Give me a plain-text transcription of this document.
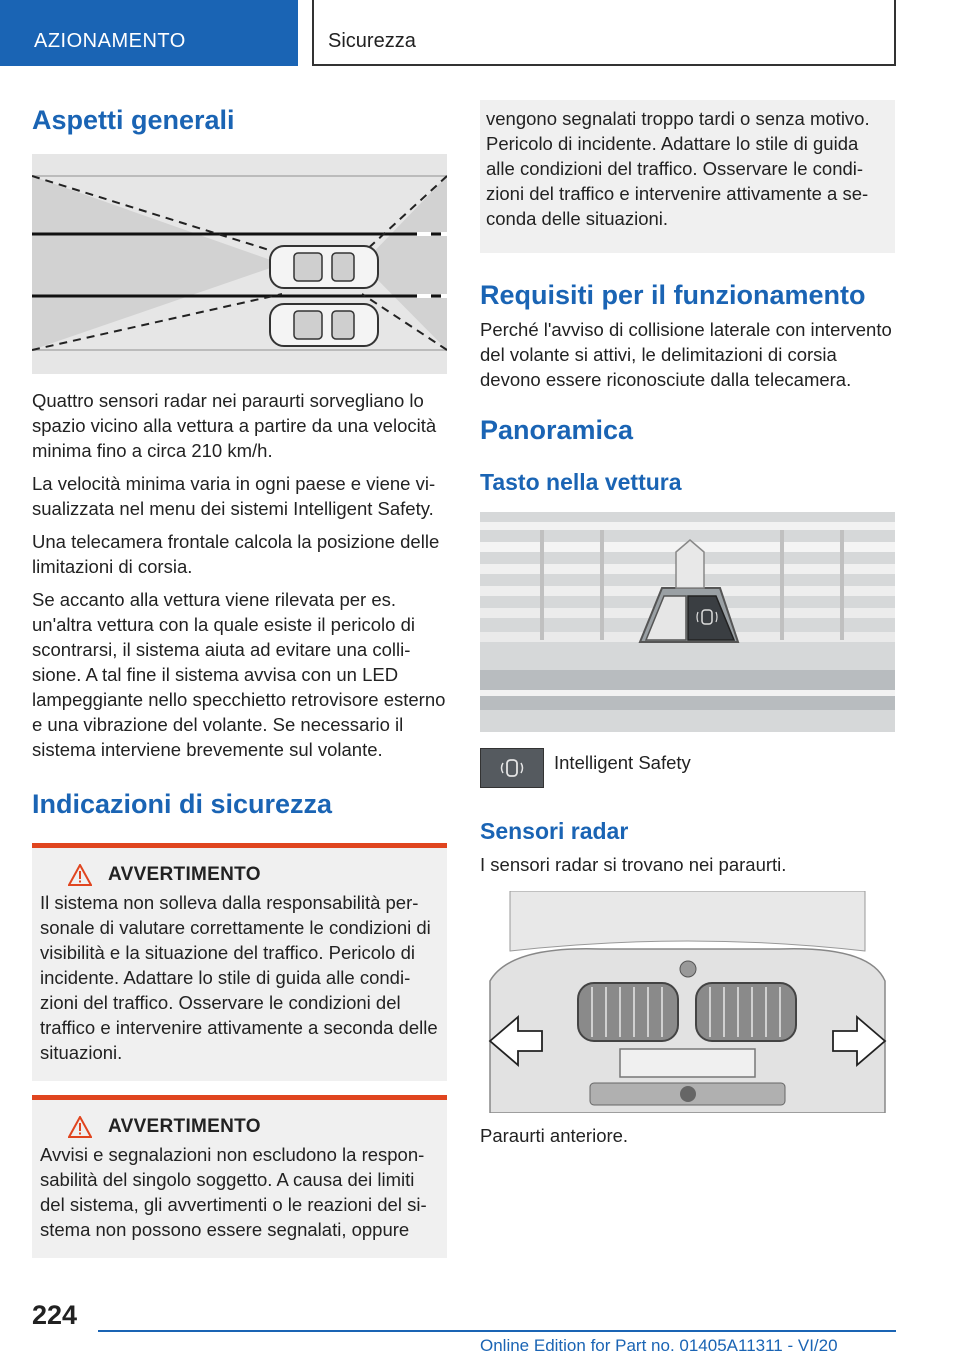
AZIONAMENTO	Sicurezza
Aspetti generali

Quattro sensori radar nei paraurti sorvegliano lo spazio vicino alla vettura a partire da una velocità minima fino a circa 210 km/h.

La velocità minima varia in ogni paese e viene visualizzata nel menu dei sistemi Intelligent Safety.

Una telecamera frontale calcola la posizione delle limitazioni di corsia.

Se accanto alla vettura viene rilevata per es. un'altra vettura con la quale esiste il pericolo di scontrarsi, il sistema aiuta ad evitare una collisione. A tal fine il sistema avvisa con un LED lampeggiante nello specchietto retrovisore esterno e una vibrazione del volante. Se necessario il sistema interviene brevemente sul volante.

Indicazioni di sicurezza
AVVERTIMENTO

Il sistema non solleva dalla responsabilità personale di valutare correttamente le condizioni di visibilità e la situazione del traffico. Pericolo di incidente. Adattare lo stile di guida alle condizioni del traffico. Osservare le condizioni del traffico e intervenire attivamente a seconda delle situazioni.

AVVERTIMENTO

Avvisi e segnalazioni non escludono la responsabilità del singolo soggetto. A causa dei limiti del sistema, gli avvertimenti o le reazioni del sistema non possono essere segnalati, oppure

vengono segnalati troppo tardi o senza motivo. Pericolo di incidente. Adattare lo stile di guida alle condizioni del traffico. Osservare le condizioni del traffico e intervenire attivamente a seconda delle situazioni.

Requisiti per il funzionamento

Perché l'avviso di collisione laterale con intervento del volante si attivi, le delimitazioni di corsia devono essere riconosciute dalla telecamera.

Panoramica
Tasto nella vettura

Intelligent Safety

Sensori radar

I sensori radar si trovano nei paraurti.

Paraurti anteriore.

224
Online Edition for Part no. 01405A11311 - VI/20
